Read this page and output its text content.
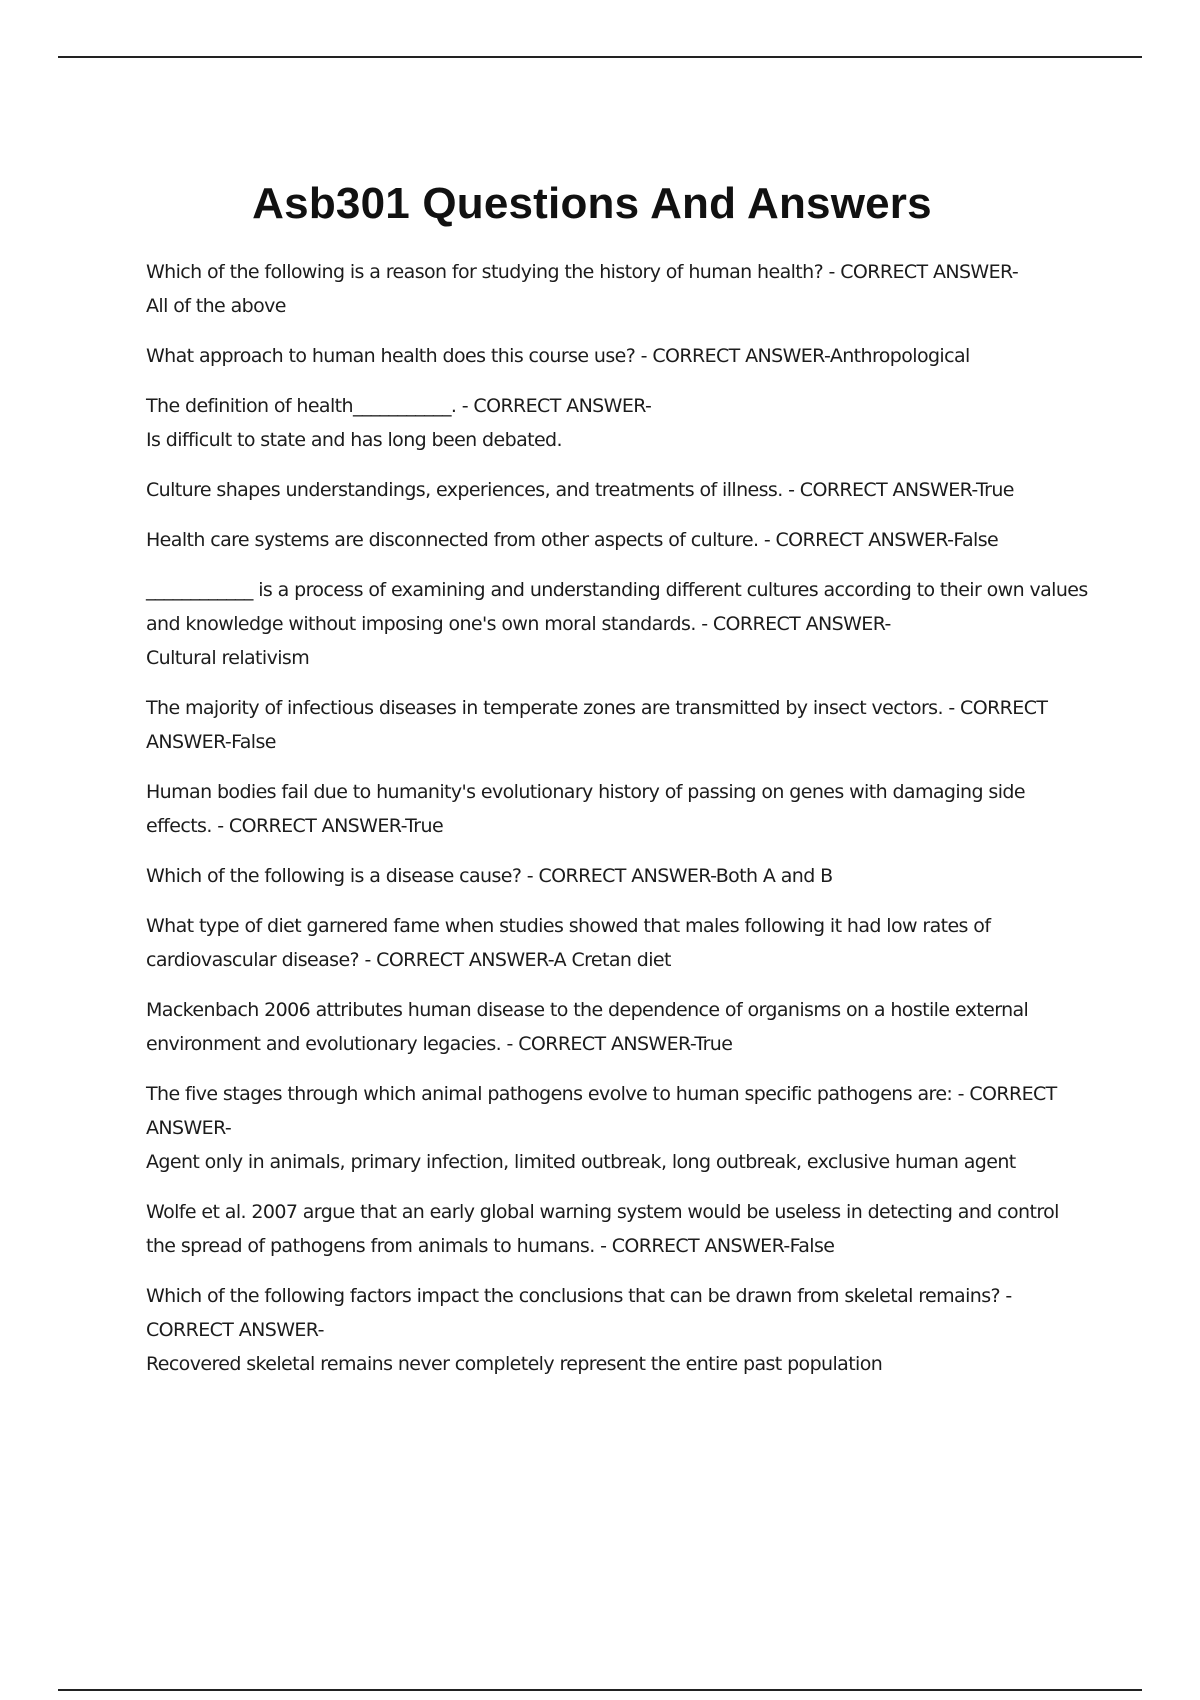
Asb301 Questions And Answers
Which of the following is a reason for studying the history of human health? - CORRECT ANSWER-
All of the above
What approach to human health does this course use? - CORRECT ANSWER-Anthropological
The definition of health___________. - CORRECT ANSWER-
Is difficult to state and has long been debated.
Culture shapes understandings, experiences, and treatments of illness. - CORRECT ANSWER-True
Health care systems are disconnected from other aspects of culture. - CORRECT ANSWER-False
____________ is a process of examining and understanding different cultures according to their own values and knowledge without imposing one's own moral standards. - CORRECT ANSWER-
Cultural relativism
The majority of infectious diseases in temperate zones are transmitted by insect vectors. - CORRECT ANSWER-False
Human bodies fail due to humanity's evolutionary history of passing on genes with damaging side effects. - CORRECT ANSWER-True
Which of the following is a disease cause? - CORRECT ANSWER-Both A and B
What type of diet garnered fame when studies showed that males following it had low rates of cardiovascular disease? - CORRECT ANSWER-A Cretan diet
Mackenbach 2006 attributes human disease to the dependence of organisms on a hostile external environment and evolutionary legacies. - CORRECT ANSWER-True
The five stages through which animal pathogens evolve to human specific pathogens are: - CORRECT ANSWER-
Agent only in animals, primary infection, limited outbreak, long outbreak, exclusive human agent
Wolfe et al. 2007 argue that an early global warning system would be useless in detecting and control the spread of pathogens from animals to humans. - CORRECT ANSWER-False
Which of the following factors impact the conclusions that can be drawn from skeletal remains? - CORRECT ANSWER-
Recovered skeletal remains never completely represent the entire past population
